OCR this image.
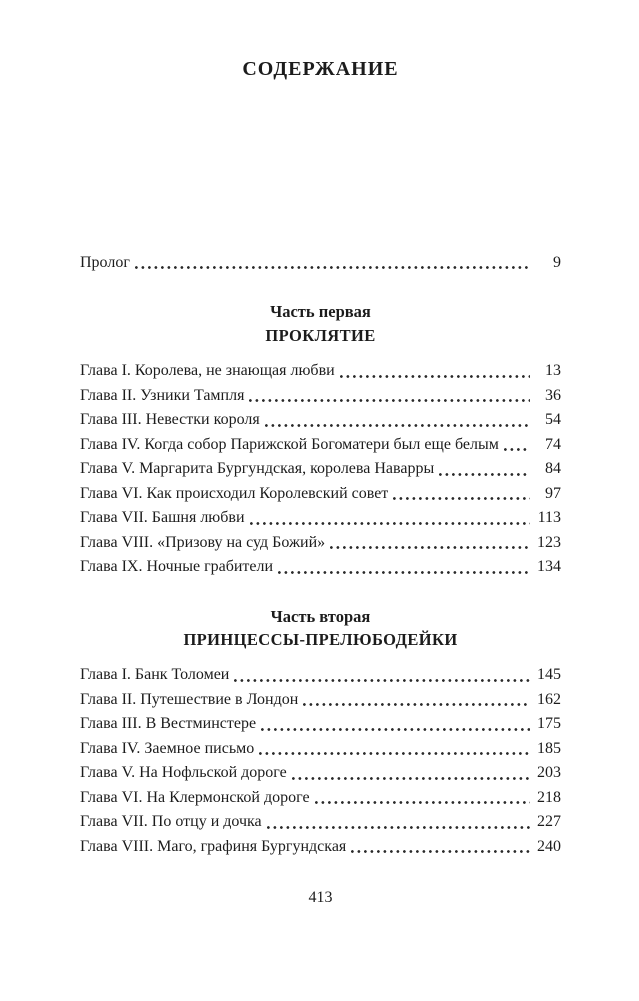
СОДЕРЖАНИЕ
Пролог	9
Часть первая
ПРОКЛЯТИЕ
Глава I. Королева, не знающая любви	13
Глава II. Узники Тампля	36
Глава III. Невестки короля	54
Глава IV. Когда собор Парижской Богоматери был еще белым	74
Глава V. Маргарита Бургундская, королева Наварры	84
Глава VI. Как происходил Королевский совет	97
Глава VII. Башня любви	113
Глава VIII. «Призову на суд Божий»	123
Глава IX. Ночные грабители	134
Часть вторая
ПРИНЦЕССЫ-ПРЕЛЮБОДЕЙКИ
Глава I. Банк Толомеи	145
Глава II. Путешествие в Лондон	162
Глава III. В Вестминстере	175
Глава IV. Заемное письмо	185
Глава V. На Нофльской дороге	203
Глава VI. На Клермонской дороге	218
Глава VII. По отцу и дочка	227
Глава VIII. Маго, графиня Бургундская	240
413
